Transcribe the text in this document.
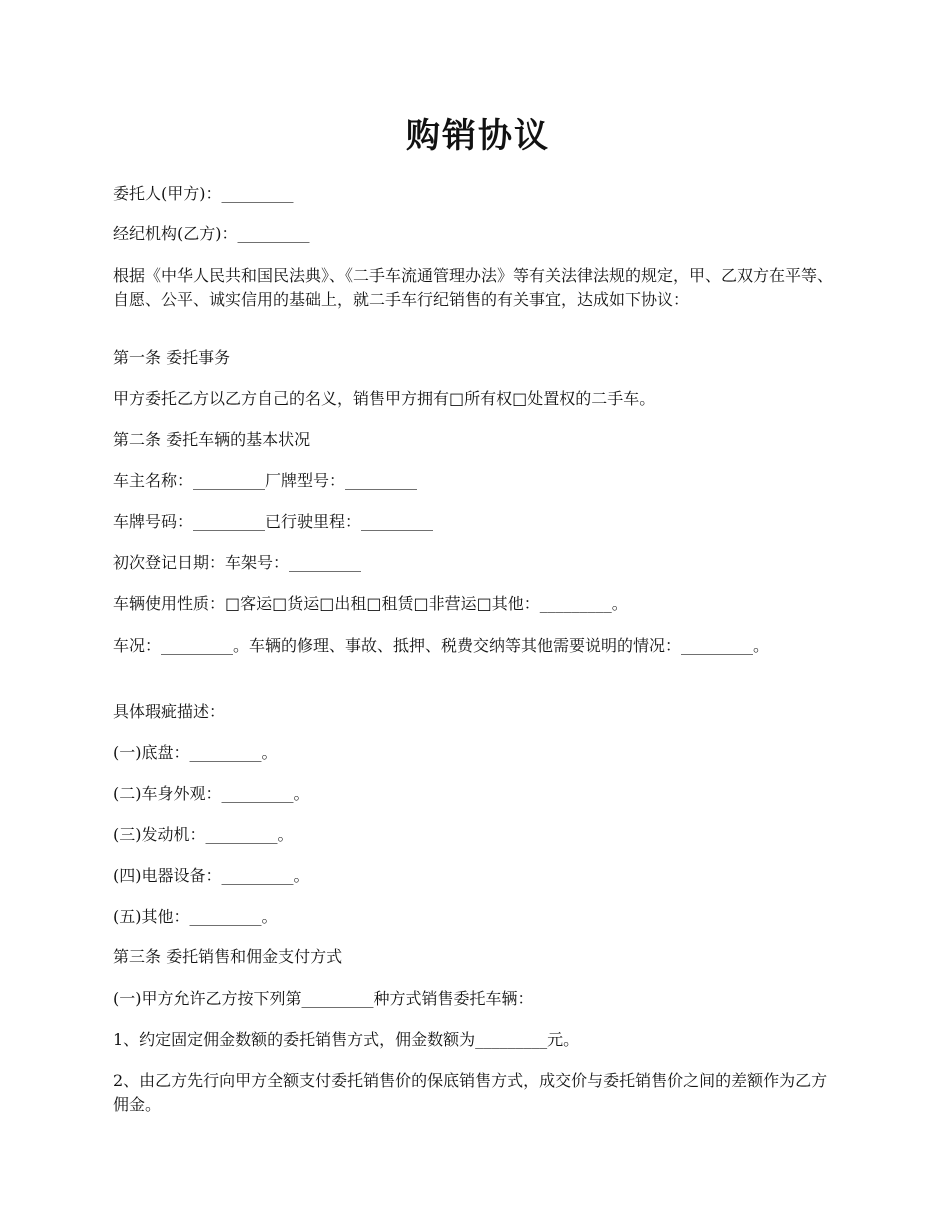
购销协议

委托人(甲方)：_________

经纪机构(乙方)：_________

根据《中华人民共和国民法典》、《二手车流通管理办法》等有关法律法规的规定，甲、乙双方在平等、自愿、公平、诚实信用的基础上，就二手车行纪销售的有关事宜，达成如下协议：

第一条 委托事务

甲方委托乙方以乙方自己的名义，销售甲方拥有□所有权□处置权的二手车。

第二条 委托车辆的基本状况

车主名称：_________厂牌型号：_________

车牌号码：_________已行驶里程：_________

初次登记日期：车架号：_________

车辆使用性质：□客运□货运□出租□租赁□非营运□其他：_________。

车况：_________。车辆的修理、事故、抵押、税费交纳等其他需要说明的情况：_________。

具体瑕疵描述：

(一)底盘：_________。

(二)车身外观：_________。

(三)发动机：_________。

(四)电器设备：_________。

(五)其他：_________。

第三条 委托销售和佣金支付方式

(一)甲方允许乙方按下列第_________种方式销售委托车辆：

1、约定固定佣金数额的委托销售方式，佣金数额为_________元。

2、由乙方先行向甲方全额支付委托销售价的保底销售方式，成交价与委托销售价之间的差额作为乙方佣金。
